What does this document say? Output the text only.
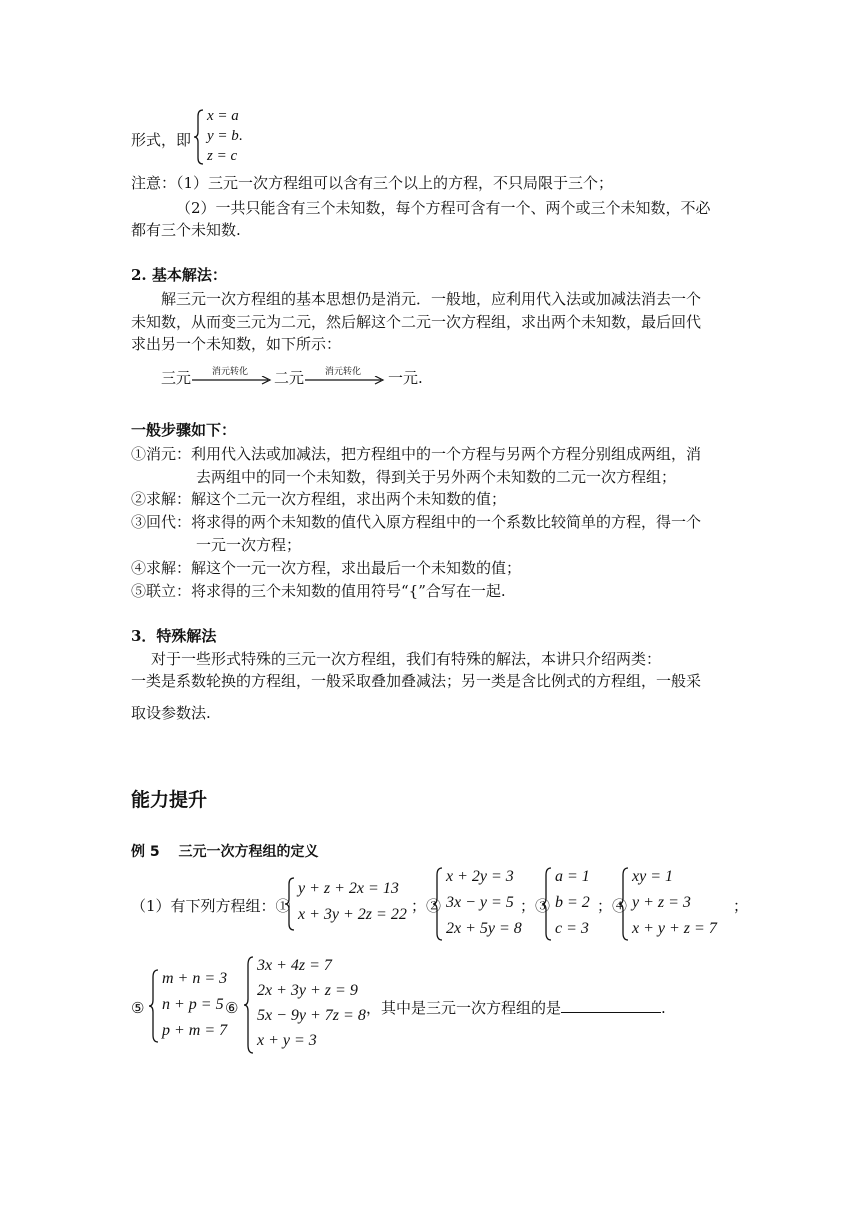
形式，即
x = a
y = b.
z = c
注意：（1）三元一次方程组可以含有三个以上的方程，不只局限于三个；
（2）一共只能含有三个未知数，每个方程可含有一个、两个或三个未知数，不必
都有三个未知数.
2. 基本解法：
解三元一次方程组的基本思想仍是消元．一般地，应利用代入法或加减法消去一个
未知数，从而变三元为二元，然后解这个二元一次方程组，求出两个未知数，最后回代
求出另一个未知数，如下所示：
三元 消元转化 二元 消元转化 一元.
一般步骤如下：
①消元：利用代入法或加减法，把方程组中的一个方程与另两个方程分别组成两组，消
去两组中的同一个未知数，得到关于另外两个未知数的二元一次方程组；
②求解：解这个二元一次方程组，求出两个未知数的值；
③回代：将求得的两个未知数的值代入原方程组中的一个系数比较简单的方程，得一个
一元一次方程；
④求解：解这个一元一次方程，求出最后一个未知数的值；
⑤联立：将求得的三个未知数的值用符号“{”合写在一起.
3．特殊解法
对于一些形式特殊的三元一次方程组，我们有特殊的解法，本讲只介绍两类：
一类是系数轮换的方程组，一般采取叠加叠减法；另一类是含比例式的方程组，一般采
取设参数法.
能力提升
例 5　 三元一次方程组的定义
（1）有下列方程组：①
y + z + 2x = 13
x + 3y + 2z = 22 ；②
x + 2y = 3
3x − y = 5
2x + 5y = 8
；③
a = 1
b = 2
c = 3
；④
xy = 1
y + z = 3
x + y + z = 7
；
⑤
m + n = 3
n + p = 5
p + m = 7
⑥
3x + 4z = 7
2x + 3y + z = 9
5x − 9y + 7z = 8
x + y = 3
，其中是三元一次方程组的是	.
